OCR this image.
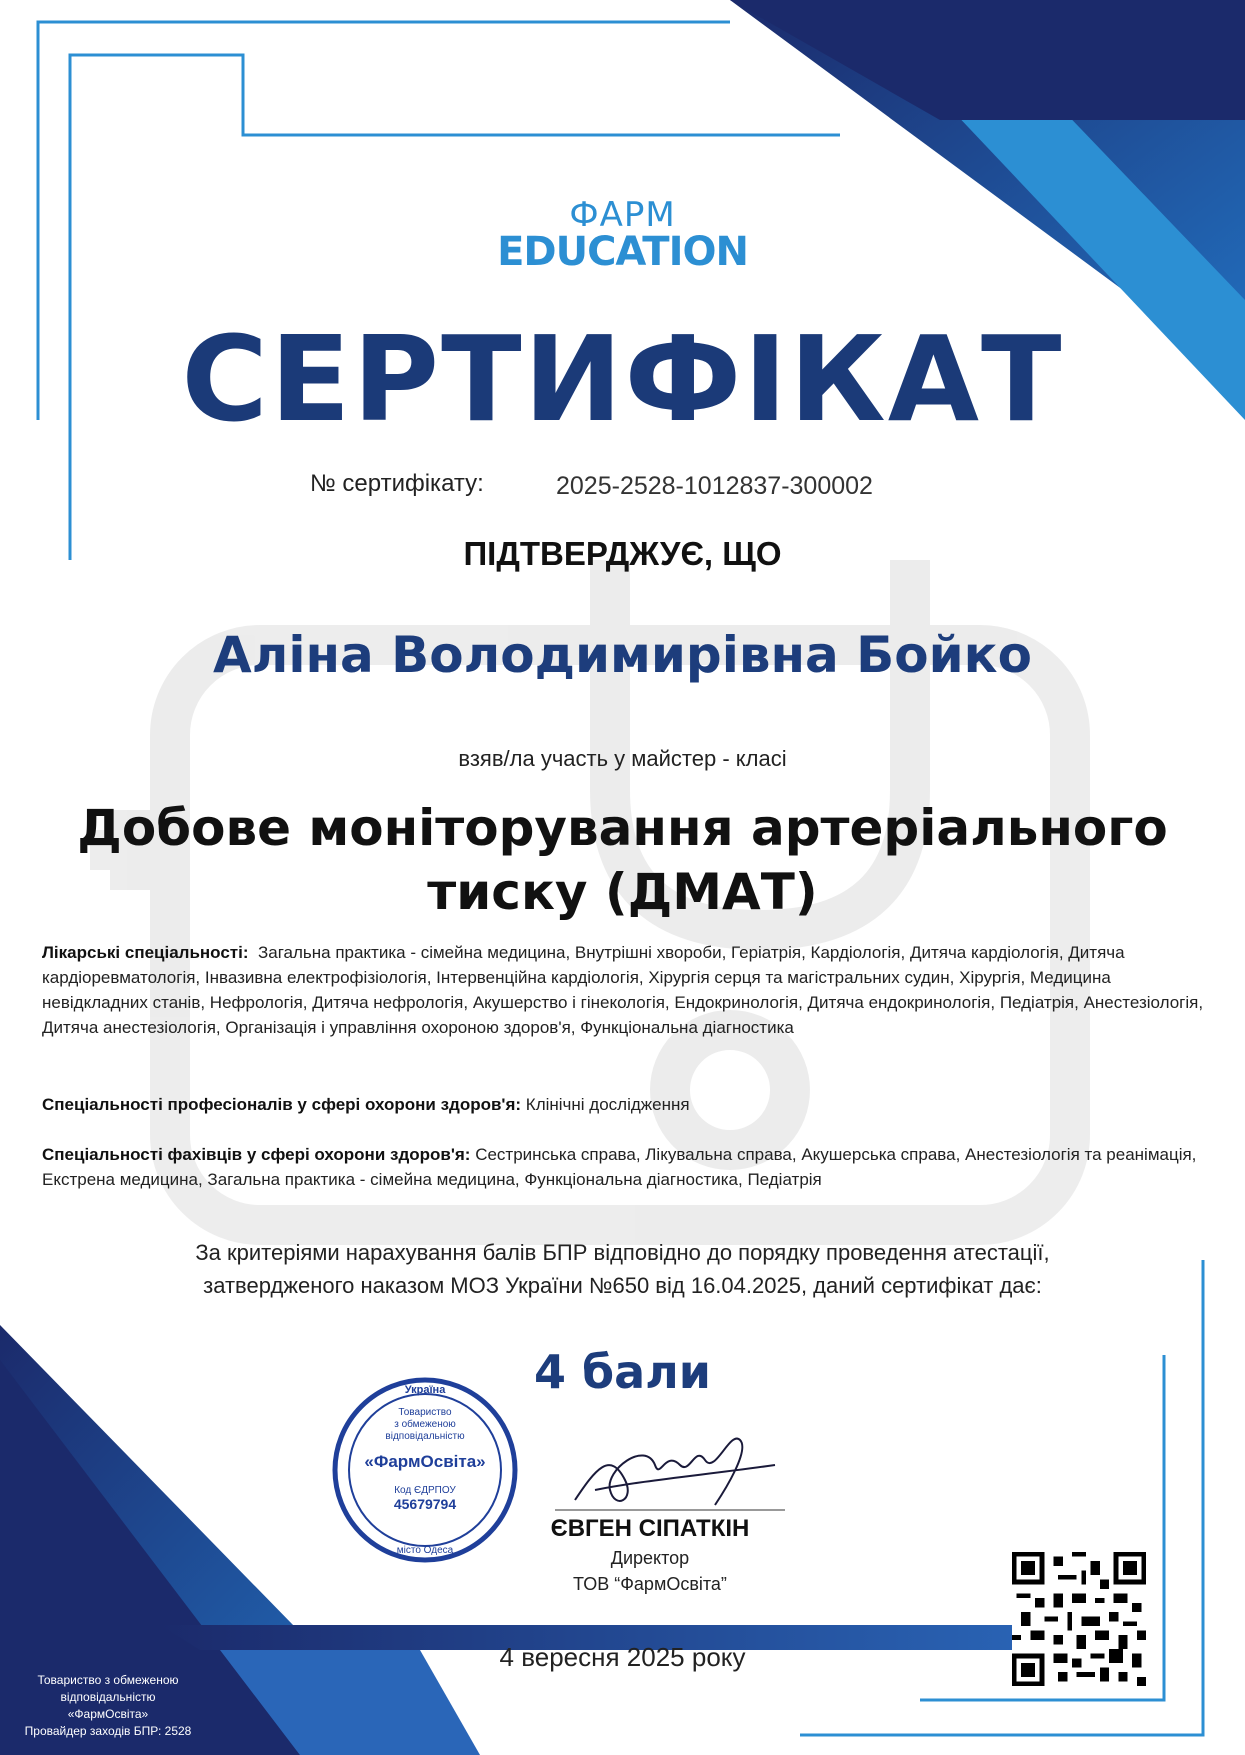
ФАРМ
EDUCATION
СЕРТИФІКАТ
№ сертифікату:	2025-2528-1012837-300002
ПІДТВЕРДЖУЄ, ЩО
Аліна Володимирівна Бойко
взяв/ла участь у майстер - класі
Добове моніторування артеріального
тиску (ДМАТ)
Лікарські спеціальності: Загальна практика - сімейна медицина, Внутрішні хвороби, Геріатрія, Кардіологія, Дитяча кардіологія, Дитяча кардіоревматологія, Інвазивна електрофізіологія, Інтервенційна кардіологія, Хірургія серця та магістральних судин, Хірургія, Медицина невідкладних станів, Нефрологія, Дитяча нефрологія, Акушерство і гінекологія, Ендокринологія, Дитяча ендокринологія, Педіатрія, Анестезіологія, Дитяча анестезіологія, Організація і управління охороною здоров'я, Функціональна діагностика
Спеціальності професіоналів у сфері охорони здоров'я: Клінічні дослідження
Спеціальності фахівців у сфері охорони здоров'я: Сестринська справа, Лікувальна справа, Акушерська справа, Анестезіологія та реанімація, Екстрена медицина, Загальна практика - сімейна медицина, Функціональна діагностика, Педіатрія
За критеріями нарахування балів БПР відповідно до порядку проведення атестації,
затвердженого наказом МОЗ України №650 від 16.04.2025, даний сертифікат дає:
4 бали
Україна
Товариство
з обмеженою
відповідальністю
«ФармОсвіта»
Код ЄДРПОУ
45679794
місто Одеса
ЄВГЕН СІПАТКІН
Директор
ТОВ “ФармОсвіта”
4 вересня 2025 року
Товариство з обмеженою
відповідальністю
«ФармОсвіта»
Провайдер заходів БПР: 2528
